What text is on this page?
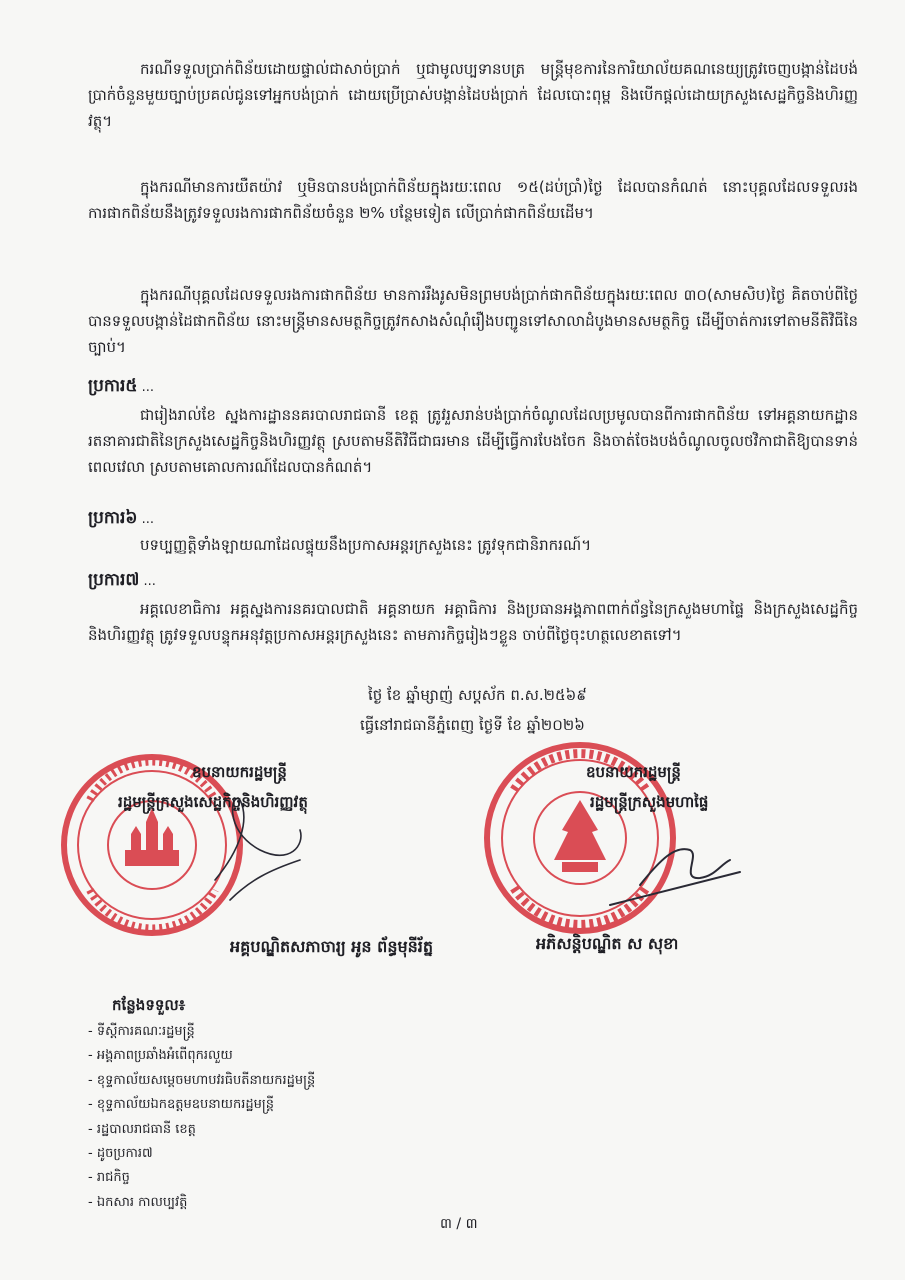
ករណីទទួលប្រាក់ពិន័យដោយផ្ទាល់ជាសាច់ប្រាក់ ឬជាមូលប្បទានបត្រ មន្ត្រីមុខការនៃការិយាល័យគណនេយ្យត្រូវចេញបង្កាន់ដៃបង់ប្រាក់ចំនួនមួយច្បាប់ប្រគល់ជូនទៅអ្នកបង់ប្រាក់ ដោយប្រើប្រាស់បង្កាន់ដៃបង់ប្រាក់ ដែលបោះពុម្ព និងបើកផ្តល់ដោយក្រសួងសេដ្ឋកិច្ចនិងហិរញ្ញវត្ថុ។

ក្នុងករណីមានការយឺតយ៉ាវ ឬមិនបានបង់ប្រាក់ពិន័យក្នុងរយៈពេល ១៥(ដប់ប្រាំ)ថ្ងៃ ដែលបានកំណត់ នោះបុគ្គលដែលទទួលរងការផាកពិន័យនឹងត្រូវទទួលរងការផាកពិន័យចំនួន ២% បន្ថែមទៀត លើប្រាក់ផាកពិន័យដើម។

ក្នុងករណីបុគ្គលដែលទទួលរងការផាកពិន័យ មានការរឹងរូសមិនព្រមបង់ប្រាក់ផាកពិន័យក្នុងរយៈពេល ៣០(សាមសិប)ថ្ងៃ គិតចាប់ពីថ្ងៃបានទទួលបង្កាន់ដៃផាកពិន័យ នោះមន្ត្រីមានសមត្ថកិច្ចត្រូវកសាងសំណុំរឿងបញ្ជូនទៅសាលាដំបូងមានសមត្ថកិច្ច ដើម្បីចាត់ការទៅតាមនីតិវិធីនៃច្បាប់។

ប្រការ៥ ...

ជារៀងរាល់ខែ ស្នងការដ្ឋាននគរបាលរាជធានី ខេត្ត ត្រូវរួសរាន់បង់ប្រាក់ចំណូលដែលប្រមូលបានពីការផាកពិន័យ ទៅអគ្គនាយកដ្ឋានរតនាគារជាតិនៃក្រសួងសេដ្ឋកិច្ចនិងហិរញ្ញវត្ថុ ស្របតាមនីតិវិធីជាធរមាន ដើម្បីធ្វើការបែងចែក និងចាត់ចែងបង់ចំណូលចូលថវិកាជាតិឱ្យបានទាន់ពេលវេលា ស្របតាមគោលការណ៍ដែលបានកំណត់។

ប្រការ៦ ...

បទប្បញ្ញត្តិទាំងឡាយណាដែលផ្ទុយនឹងប្រកាសអន្តរក្រសួងនេះ ត្រូវទុកជានិរាករណ៍។

ប្រការ៧ ...

អគ្គលេខាធិការ អគ្គស្នងការនគរបាលជាតិ អគ្គនាយក អគ្គាធិការ និងប្រធានអង្គភាពពាក់ព័ន្ធនៃក្រសួងមហាផ្ទៃ និងក្រសួងសេដ្ឋកិច្ចនិងហិរញ្ញវត្ថុ ត្រូវទទួលបន្ទុកអនុវត្តប្រកាសអន្តរក្រសួងនេះ តាមភារកិច្ចរៀងៗខ្លួន ចាប់ពីថ្ងៃចុះហត្ថលេខាតទៅ។

ថ្ងៃ ខែ ឆ្នាំម្សាញ់ សប្តស័ក ព.ស.២៥៦៩
ធ្វើនៅរាជធានីភ្នំពេញ ថ្ងៃទី ខែ ឆ្នាំ២០២៦
ឧបនាយករដ្ឋមន្ត្រី
រដ្ឋមន្ត្រីក្រសួងសេដ្ឋកិច្ចនិងហិរញ្ញវត្ថុ
អគ្គបណ្ឌិតសភាចារ្យ អូន ព័ន្ធមុនីរ័ត្ន
ឧបនាយករដ្ឋមន្ត្រី
រដ្ឋមន្ត្រីក្រសួងមហាផ្ទៃ
អភិសន្តិបណ្ឌិត ស សុខា
កន្លែងទទួល៖
- ទីស្តីការគណៈរដ្ឋមន្ត្រី
- អង្គភាពប្រឆាំងអំពើពុករលួយ
- ខុទ្ទកាល័យសម្តេចមហាបវរធិបតីនាយករដ្ឋមន្ត្រី
- ខុទ្ទកាល័យឯកឧត្តមឧបនាយករដ្ឋមន្ត្រី
- រដ្ឋបាលរាជធានី ខេត្ត
- ដូចប្រការ៧
- រាជកិច្ច
- ឯកសារ កាលប្បវត្តិ
៣ / ៣
